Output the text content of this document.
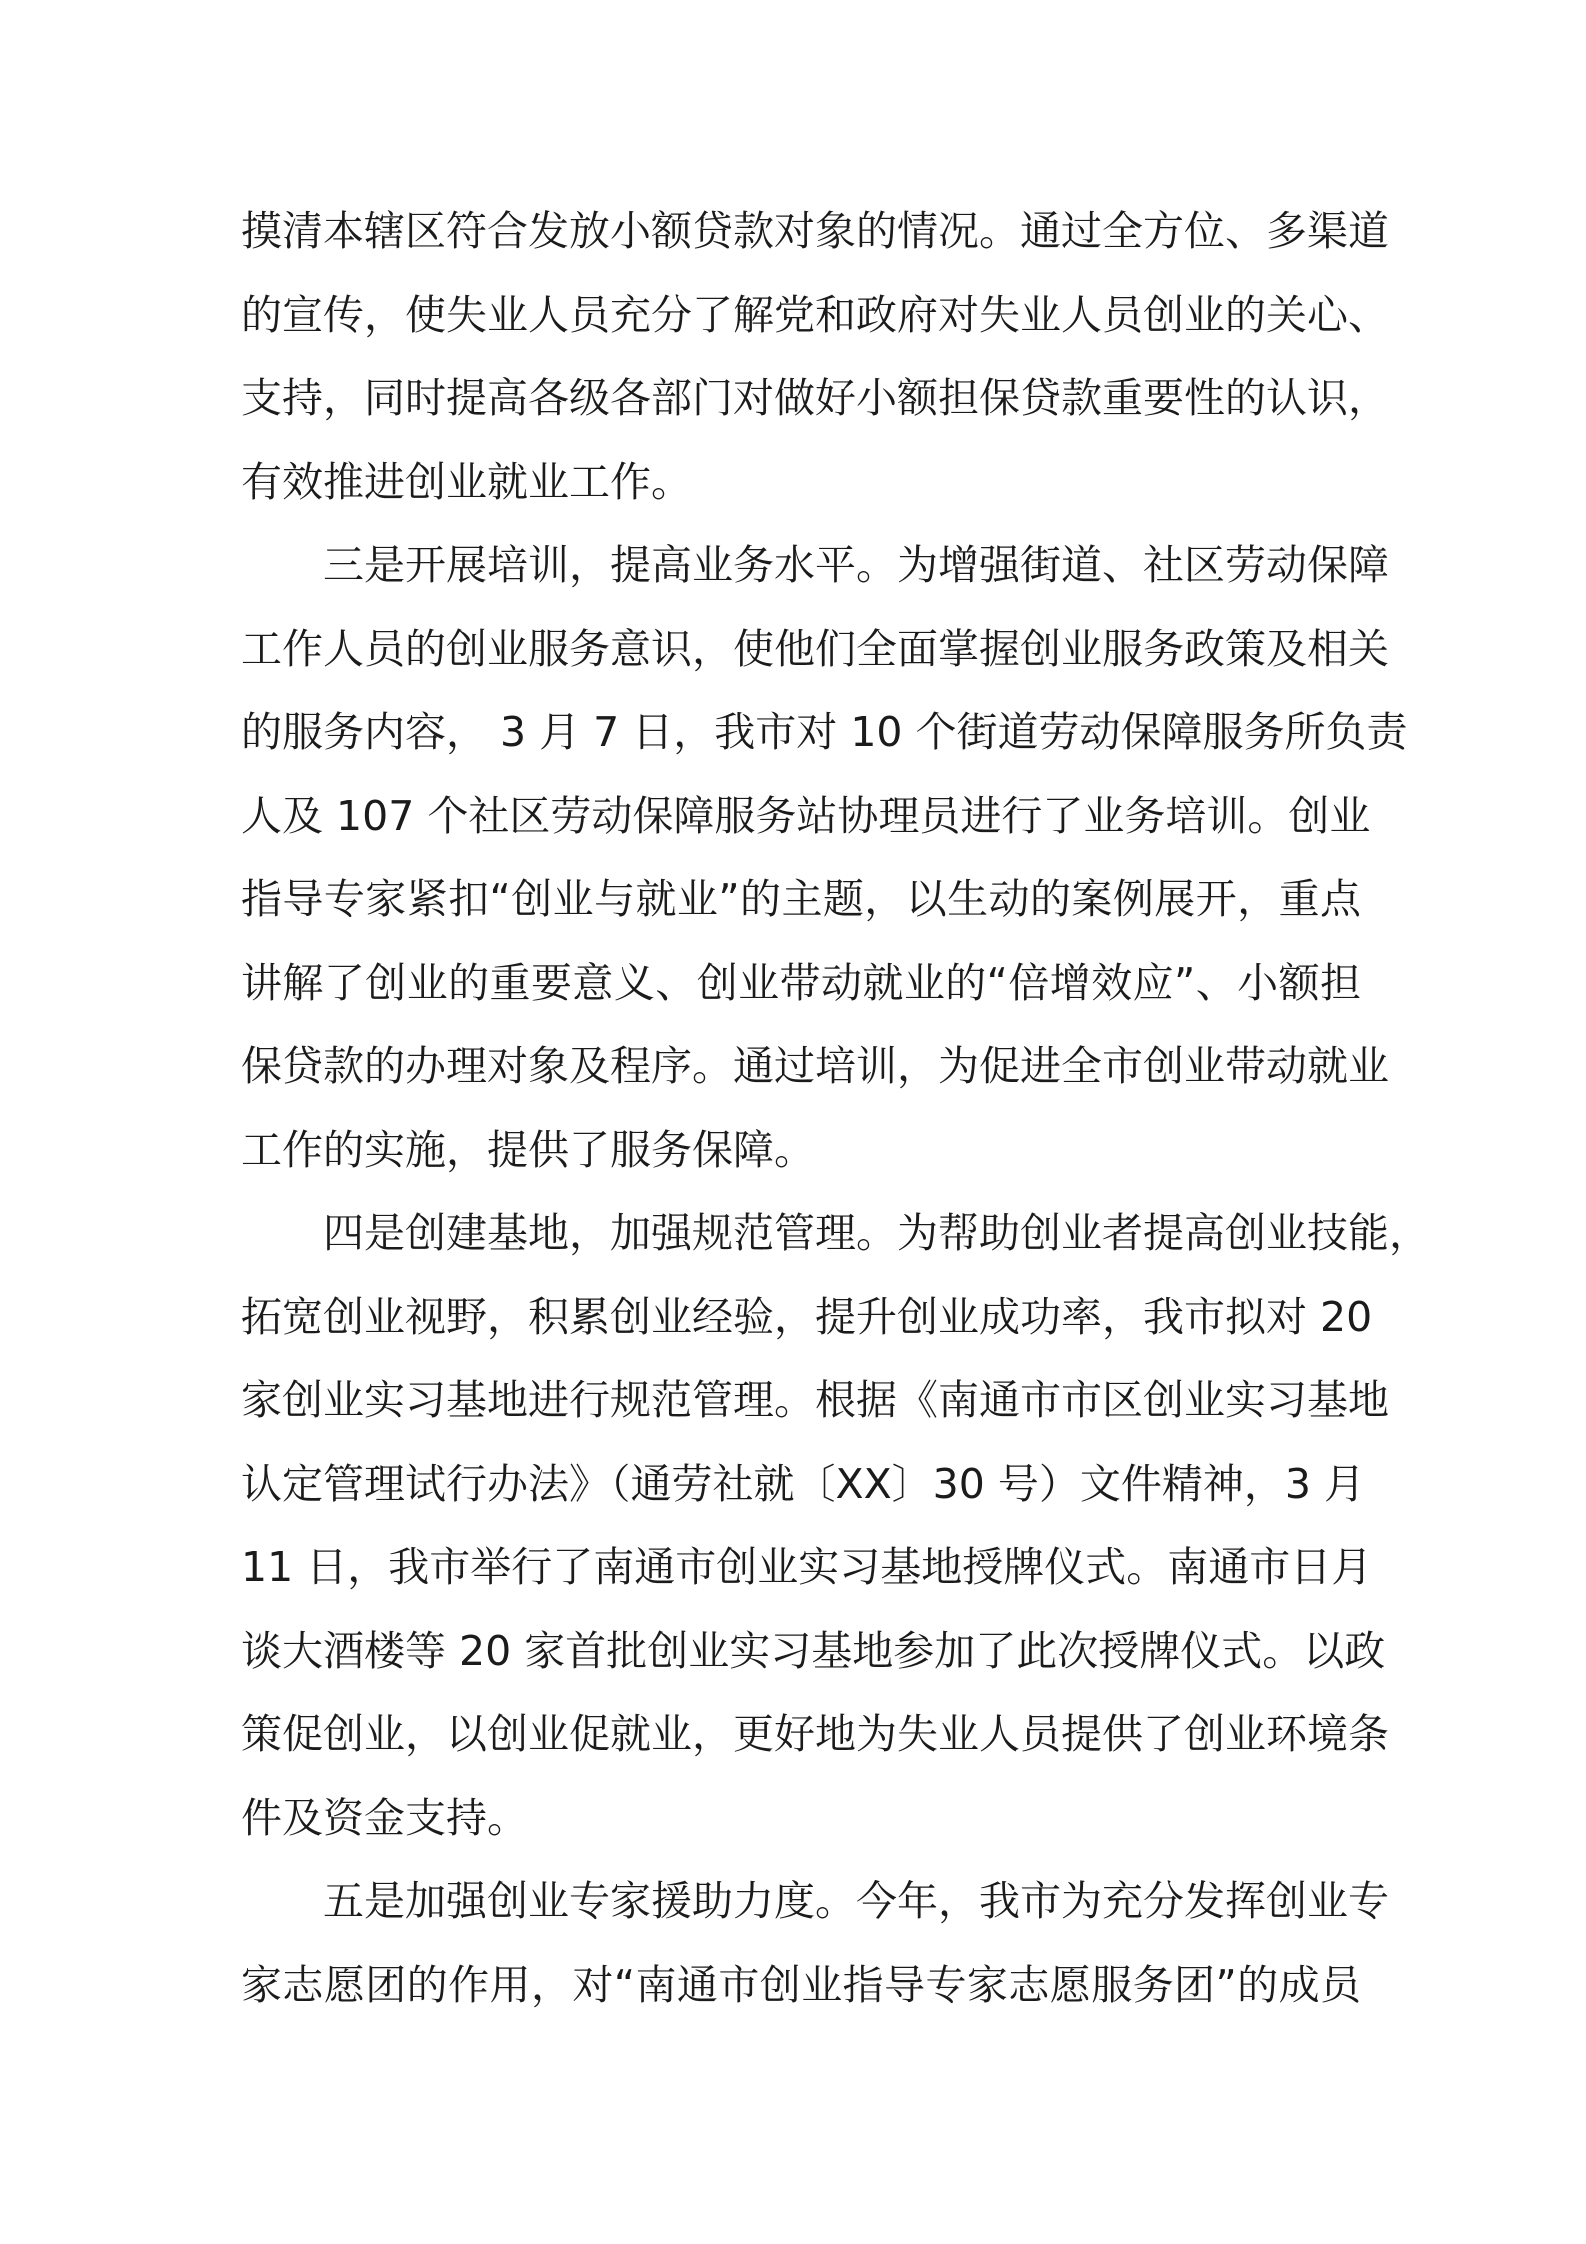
摸清本辖区符合发放小额贷款对象的情况。通过全方位、多渠道
的宣传，使失业人员充分了解党和政府对失业人员创业的关心、
支持，同时提高各级各部门对做好小额担保贷款重要性的认识，
有效推进创业就业工作。
三是开展培训，提高业务水平。为增强街道、社区劳动保障
工作人员的创业服务意识，使他们全面掌握创业服务政策及相关
的服务内容， 3 月 7 日，我市对 10 个街道劳动保障服务所负责
人及 107 个社区劳动保障服务站协理员进行了业务培训。创业
指导专家紧扣“创业与就业”的主题，以生动的案例展开，重点
讲解了创业的重要意义、创业带动就业的“倍增效应”、小额担
保贷款的办理对象及程序。通过培训，为促进全市创业带动就业
工作的实施，提供了服务保障。
四是创建基地，加强规范管理。为帮助创业者提高创业技能，
拓宽创业视野，积累创业经验，提升创业成功率，我市拟对 20
家创业实习基地进行规范管理。根据《南通市市区创业实习基地
认定管理试行办法》（通劳社就〔XX〕30 号）文件精神，3 月
11 日，我市举行了南通市创业实习基地授牌仪式。南通市日月
谈大酒楼等 20 家首批创业实习基地参加了此次授牌仪式。以政
策促创业，以创业促就业，更好地为失业人员提供了创业环境条
件及资金支持。
五是加强创业专家援助力度。今年，我市为充分发挥创业专
家志愿团的作用，对“南通市创业指导专家志愿服务团”的成员
